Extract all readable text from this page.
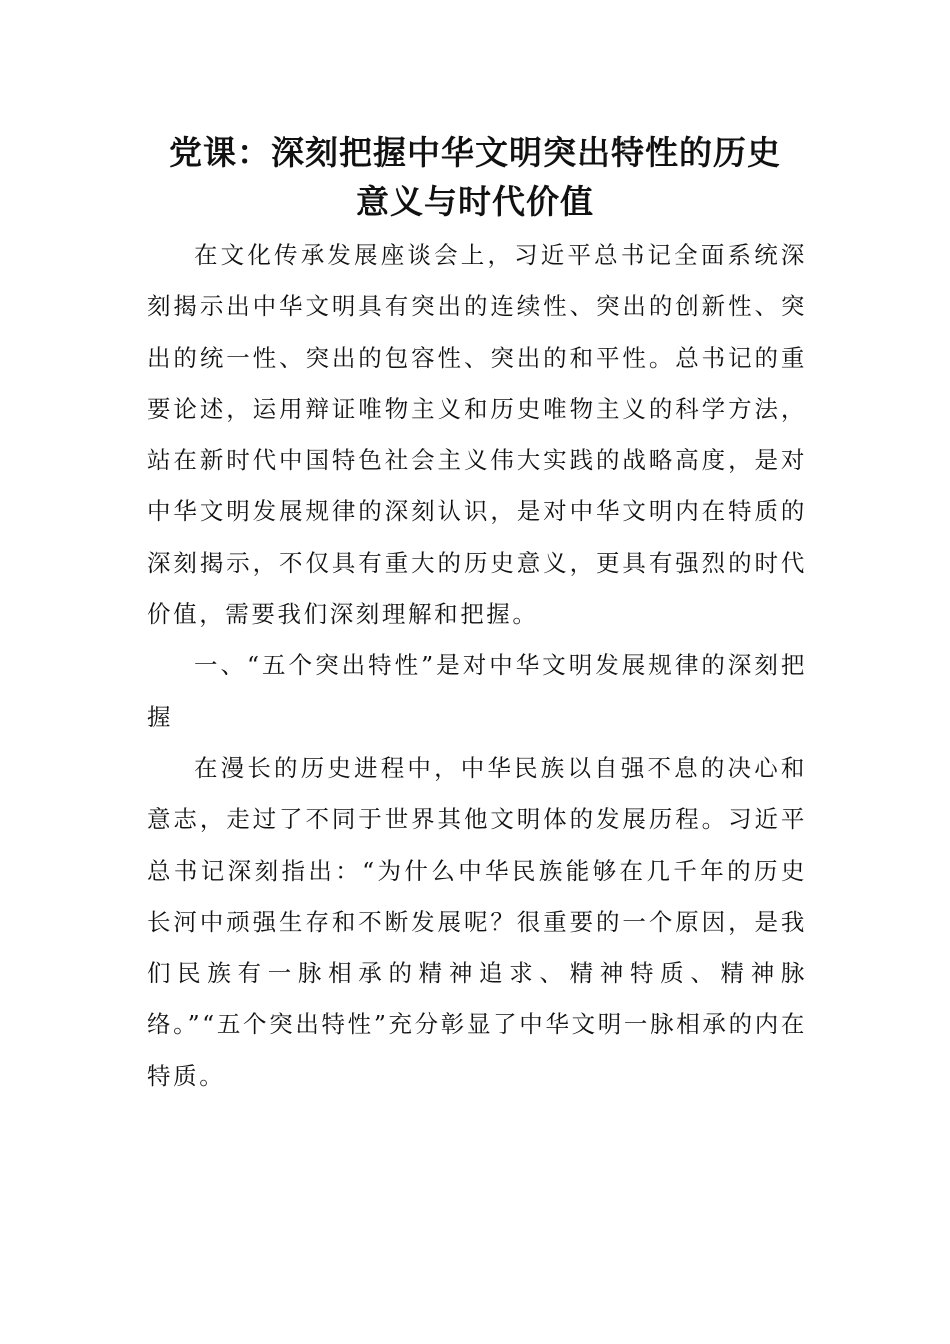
党课：深刻把握中华文明突出特性的历史
意义与时代价值

在文化传承发展座谈会上，习近平总书记全面系统深刻揭示出中华文明具有突出的连续性、突出的创新性、突出的统一性、突出的包容性、突出的和平性。总书记的重要论述，运用辩证唯物主义和历史唯物主义的科学方法，站在新时代中国特色社会主义伟大实践的战略高度，是对中华文明发展规律的深刻认识，是对中华文明内在特质的深刻揭示，不仅具有重大的历史意义，更具有强烈的时代价值，需要我们深刻理解和把握。

一、“五个突出特性”是对中华文明发展规律的深刻把握

在漫长的历史进程中，中华民族以自强不息的决心和意志，走过了不同于世界其他文明体的发展历程。习近平总书记深刻指出：“为什么中华民族能够在几千年的历史长河中顽强生存和不断发展呢？很重要的一个原因，是我们民族有一脉相承的精神追求、精神特质、精神脉络。”“五个突出特性”充分彰显了中华文明一脉相承的内在特质。
